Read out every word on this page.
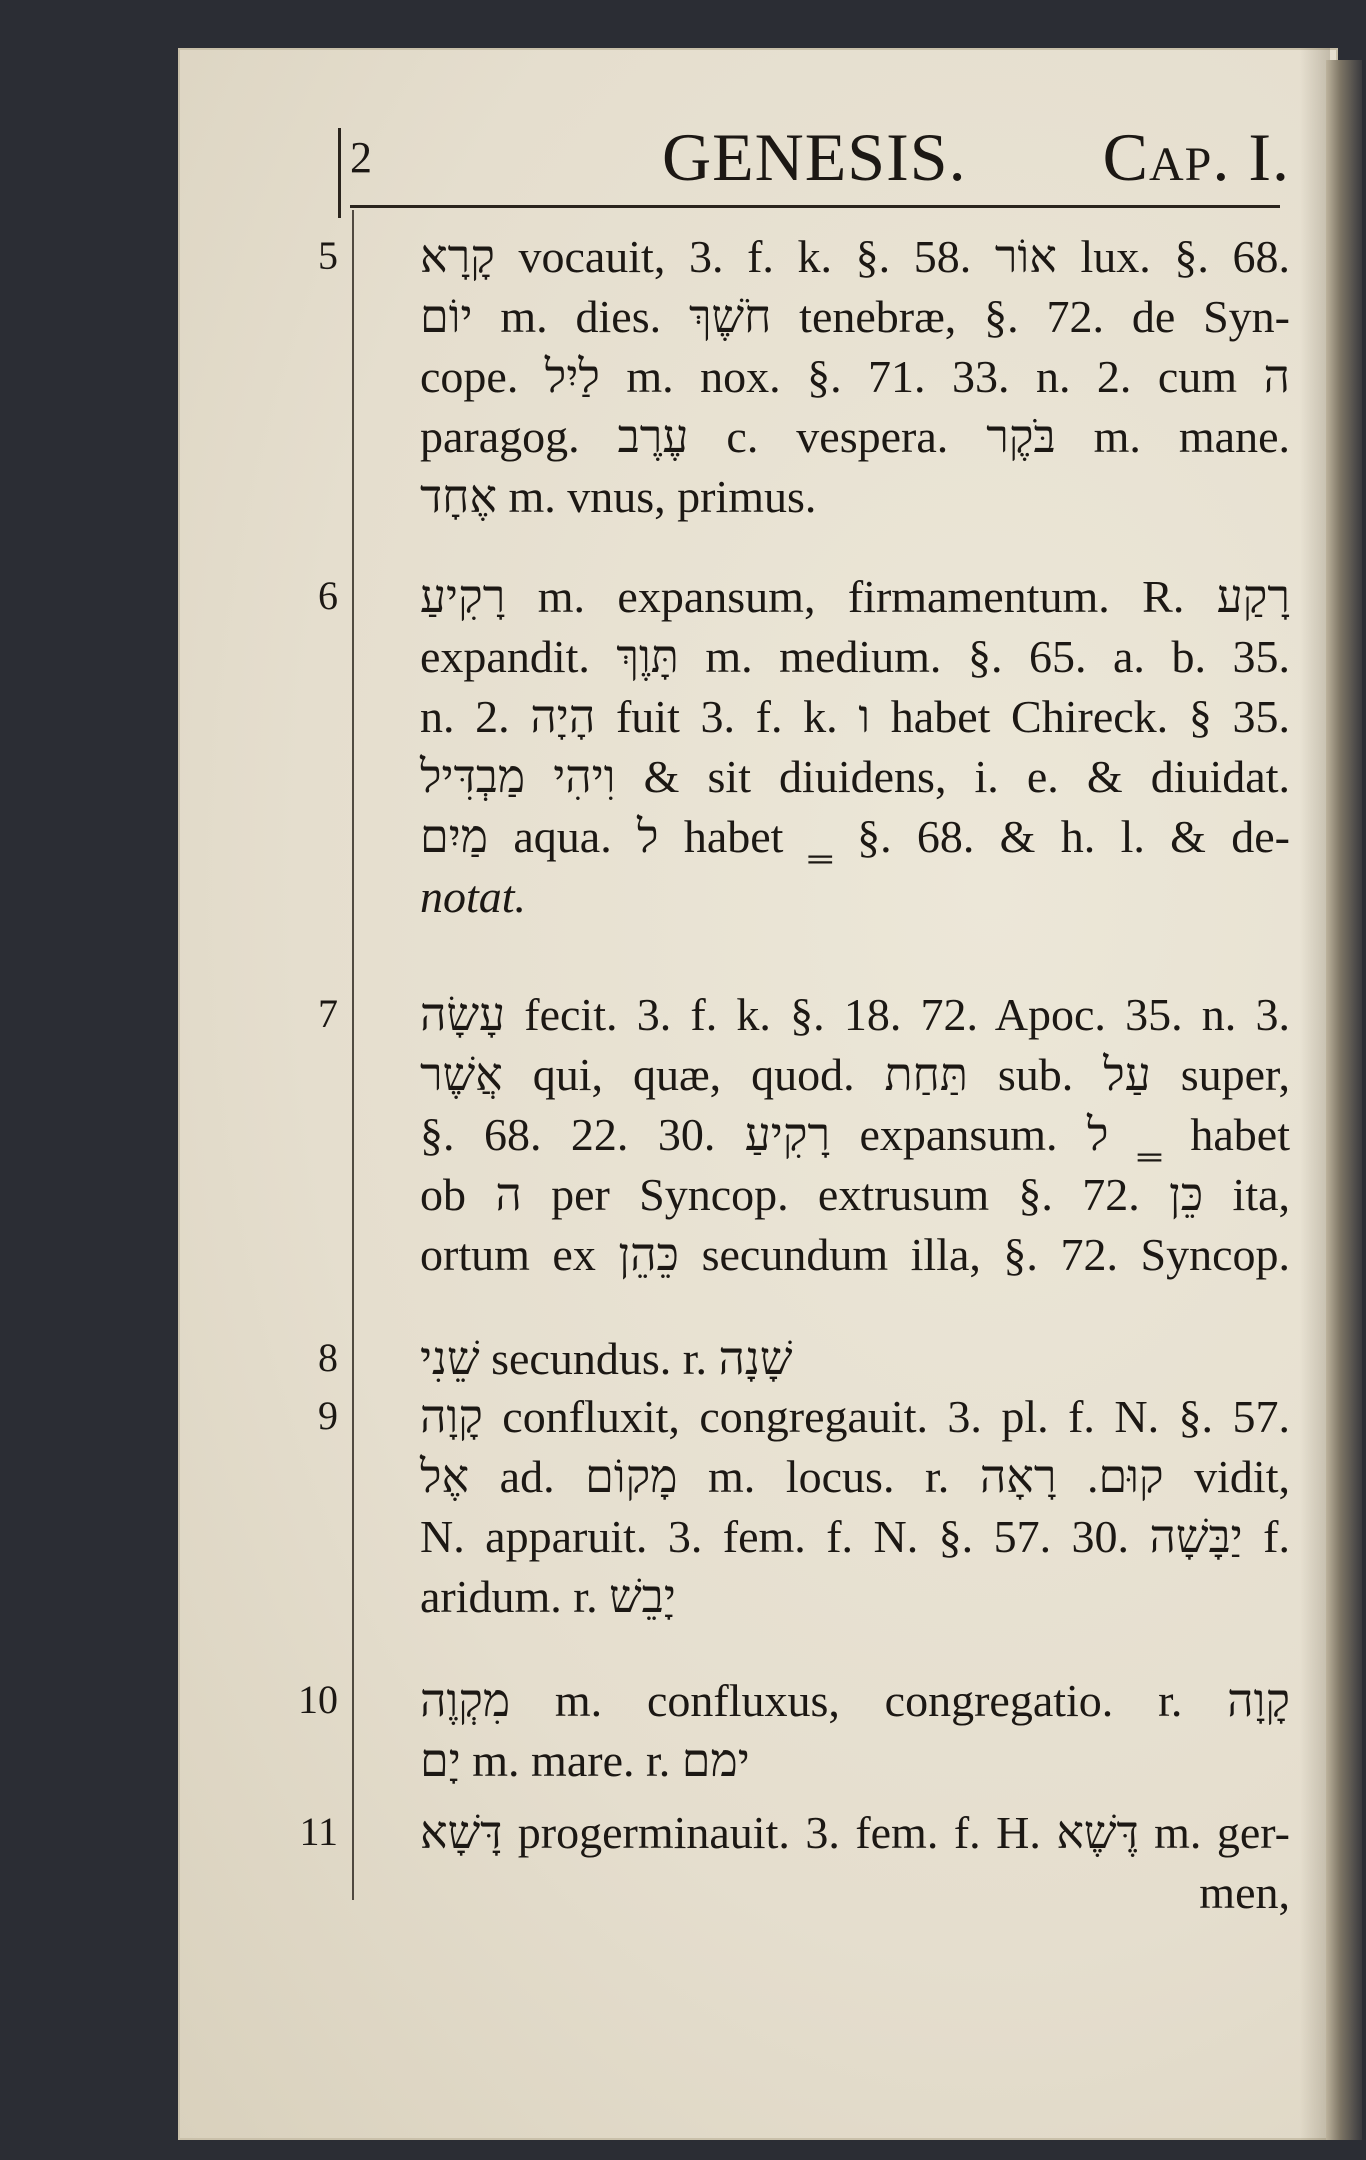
2	GENESIS. Cap. I.
5 קָרָא vocauit, 3. f. k. §. 58. אוֹר lux. §. 68.
יוֹם m. dies. חֹשֶׁךְ tenebræ, §. 72. de Syn-
cope. לַיִל m. nox. §. 71. 33. n. 2. cum ה
paragog. עֶרֶב c. vespera. בֹּקֶר m. mane.
אֶחָד m. vnus, primus.
6 רָקִיעַ m. expansum, firmamentum. R. רָקַע
expandit. תָּוֶךְ m. medium. §. 65. a. b. 35.
n. 2. הָיָה fuit 3. f. k. ו habet Chireck. § 35.
וִיהִי מַבְדִּיל & sit diuidens, i. e. & diuidat.
מַיִם aqua. ל habet ‗ §. 68. & h. l. & de-
notat.
7 עָשָׂה fecit. 3. f. k. §. 18. 72. Apoc. 35. n. 3.
אֲשֶׁר qui, quæ, quod. תַּחַת sub. עַל super,
§. 68. 22. 30. רָקִיעַ expansum. ל ‗ habet
ob ה per Syncop. extrusum §. 72. כֵּן ita,
ortum ex כֵּהֵן secundum illa, §. 72. Syncop.
8 שֵׁנִי secundus. r. שָׁנָה
9 קָוָה confluxit, congregauit. 3. pl. f. N. §. 57.
אֶל ad. מָקוֹם m. locus. r. קוּם. רָאָה vidit,
N. apparuit. 3. fem. f. N. §. 57. 30. יַבָּשָׁה f.
aridum. r. יָבֵשׁ
10 מִקְוֶה m. confluxus, congregatio. r. קָוָה
יָם m. mare. r. ימם
11 דָּשָׁא progerminauit. 3. fem. f. H. דֶּשֶׁא m. ger-
men,
